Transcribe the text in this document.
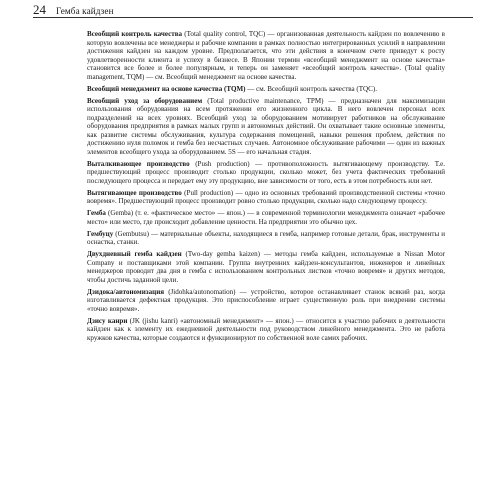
24 Гемба кайдзен

Всеобщий контроль качества (Total quality control, TQC) — организованная деятельность кайдзен по вовлечению в которую вовлечены все менеджеры и рабочие компании в рамках полностью интегрированных усилий в направлении достижения кайдзен на каждом уровне. Предполагается, что эти действия в конечном счете приведут к росту удовлетворенности клиента и успеху в бизнесе. В Японии термин «всеобщий менеджмент на основе качества» становится все более и более популярным, и теперь он заменяет «всеобщий контроль качества». (Total quality management, TQM) — см. Всеобщий менеджмент на основе качества.

Всеобщий менеджмент на основе качества (TQM) — см. Всеобщий контроль качества (TQC).

Всеобщий уход за оборудованием (Total productive maintenance, TPM) — предназначен для максимизации использования оборудования на всем протяжении его жизненного цикла. В него вовлечен персонал всех подразделений на всех уровнях. Всеобщий уход за оборудованием мотивирует работников на обслуживание оборудования предприятия в рамках малых групп и автономных действий. Он охватывает такие основные элементы, как развитие системы обслуживания, культура содержания помещений, навыки решения проблем, действия по достижению нуля поломок и гемба без несчастных случаев. Автономное обслуживание рабочими — один из важных элементов всеобщего ухода за оборудованием. 5S — его начальная стадия.

Выталкивающее производство (Push production) — противоположность вытягивающему производству. Т.е. предшествующий процесс производит столько продукции, сколько может, без учета фактических требований последующего процесса и передает ему эту продукцию, вне зависимости от того, есть в этом потребность или нет.

Вытягивающее производство (Pull production) — одно из основных требований производственной системы «точно вовремя». Предшествующий процесс производит ровно столько продукции, сколько надо следующему процессу.

Гемба (Gemba) (т. е. «фактическое место» — япон.) — в современной терминологии менеджмента означает «рабочее место» или место, где происходит добавление ценности. На предприятии это обычно цех.

Гембуцу (Gembutsu) — материальные объекты, находящиеся в гемба, например готовые детали, брак, инструменты и оснастка, станки.

Двухдневный гемба кайдзен (Two-day gemba kaizen) — методы гемба кайдзен, используемые в Nissan Motor Company и поставщиками этой компании. Группа внутренних кайдзен-консультантов, инженеров и линейных менеджеров проводит два дня в гемба с использованием контрольных листков «точно вовремя» и других методов, чтобы достичь заданной цели.

Дзидока/автономизация (Jidohka/autonomation) — устройство, которое останавливает станок всякий раз, когда изготавливается дефектная продукция. Это приспособление играет существенную роль при внедрении системы «точно вовремя».

Дзису канри (JK (jishu kanri) «автономный менеджмент» — япон.) — относится к участию рабочих в деятельности кайдзен как к элементу их ежедневной деятельности под руководством линейного менеджмента. Это не работа кружков качества, которые создаются и функционируют по собственной воле самих рабочих.
